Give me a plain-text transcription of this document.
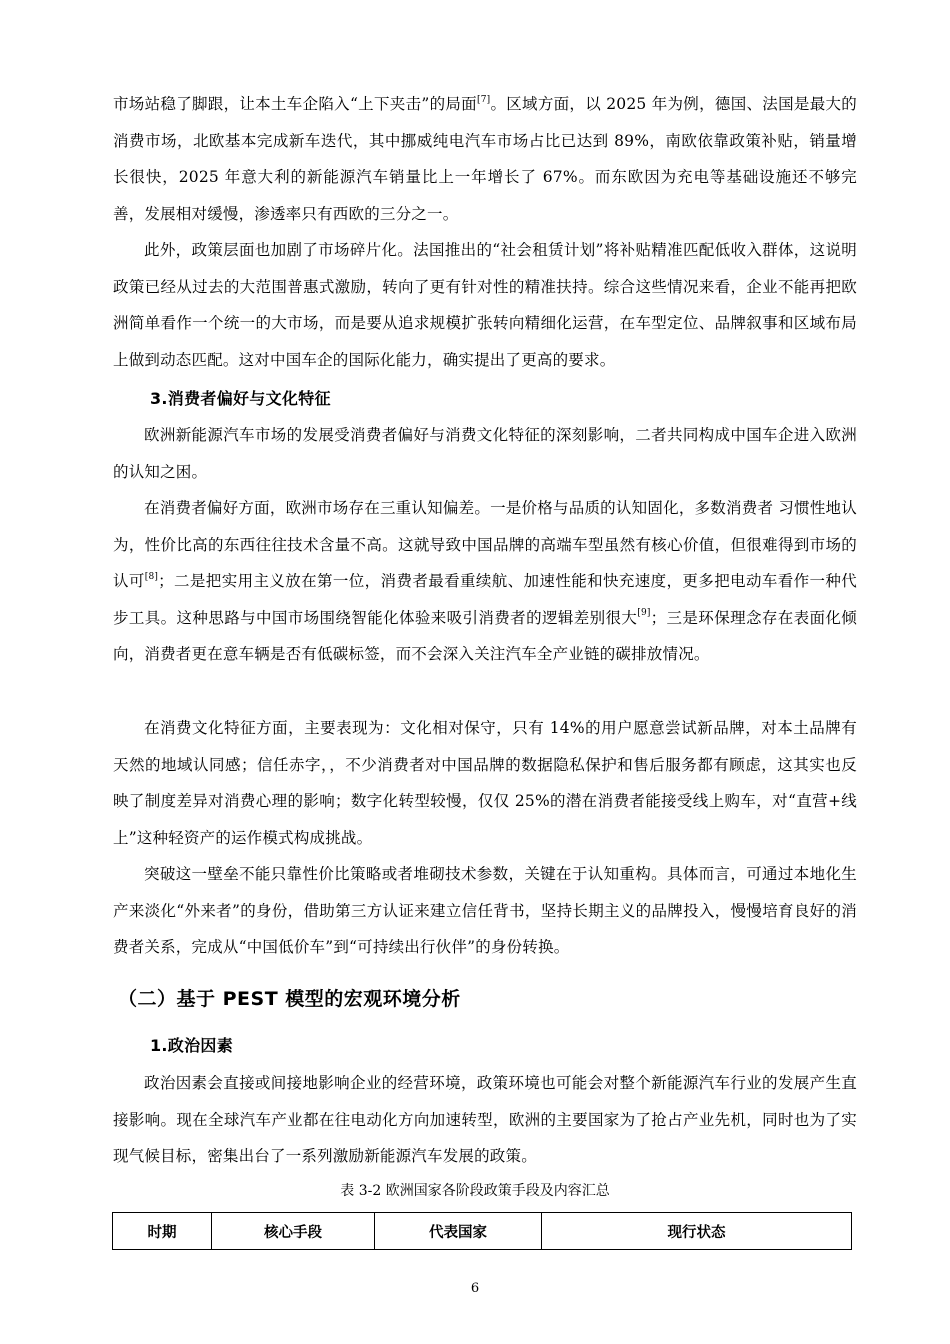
市场站稳了脚跟，让本土车企陷入“上下夹击”的局面[7]。区域方面，以 2025 年为例，德国、法国是最大的消费市场，北欧基本完成新车迭代，其中挪威纯电汽车市场占比已达到 89%，南欧依靠政策补贴，销量增长很快，2025 年意大利的新能源汽车销量比上一年增长了 67%。而东欧因为充电等基础设施还不够完善，发展相对缓慢，渗透率只有西欧的三分之一。

此外，政策层面也加剧了市场碎片化。法国推出的“社会租赁计划”将补贴精准匹配低收入群体，这说明政策已经从过去的大范围普惠式激励，转向了更有针对性的精准扶持。综合这些情况来看，企业不能再把欧洲简单看作一个统一的大市场，而是要从追求规模扩张转向精细化运营，在车型定位、品牌叙事和区域布局上做到动态匹配。这对中国车企的国际化能力，确实提出了更高的要求。

3.消费者偏好与文化特征

欧洲新能源汽车市场的发展受消费者偏好与消费文化特征的深刻影响，二者共同构成中国车企进入欧洲的认知之困。

在消费者偏好方面，欧洲市场存在三重认知偏差。一是价格与品质的认知固化，多数消费者 习惯性地认为，性价比高的东西往往技术含量不高。这就导致中国品牌的高端车型虽然有核心价值，但很难得到市场的认可[8]；二是把实用主义放在第一位，消费者最看重续航、加速性能和快充速度，更多把电动车看作一种代步工具。这种思路与中国市场围绕智能化体验来吸引消费者的逻辑差别很大[9]；三是环保理念存在表面化倾向，消费者更在意车辆是否有低碳标签，而不会深入关注汽车全产业链的碳排放情况。

在消费文化特征方面，主要表现为：文化相对保守，只有 14%的用户愿意尝试新品牌，对本土品牌有天然的地域认同感；信任赤字，，不少消费者对中国品牌的数据隐私保护和售后服务都有顾虑，这其实也反映了制度差异对消费心理的影响；数字化转型较慢，仅仅 25%的潜在消费者能接受线上购车，对“直营+线上”这种轻资产的运作模式构成挑战。

突破这一壁垒不能只靠性价比策略或者堆砌技术参数，关键在于认知重构。具体而言，可通过本地化生产来淡化“外来者”的身份，借助第三方认证来建立信任背书，坚持长期主义的品牌投入，慢慢培育良好的消费者关系，完成从“中国低价车”到“可持续出行伙伴”的身份转换。

（二）基于 PEST 模型的宏观环境分析
1.政治因素

政治因素会直接或间接地影响企业的经营环境，政策环境也可能会对整个新能源汽车行业的发展产生直接影响。现在全球汽车产业都在往电动化方向加速转型，欧洲的主要国家为了抢占产业先机，同时也为了实现气候目标，密集出台了一系列激励新能源汽车发展的政策。

表 3-2 欧洲国家各阶段政策手段及内容汇总
时期	核心手段	代表国家	现行状态
6
